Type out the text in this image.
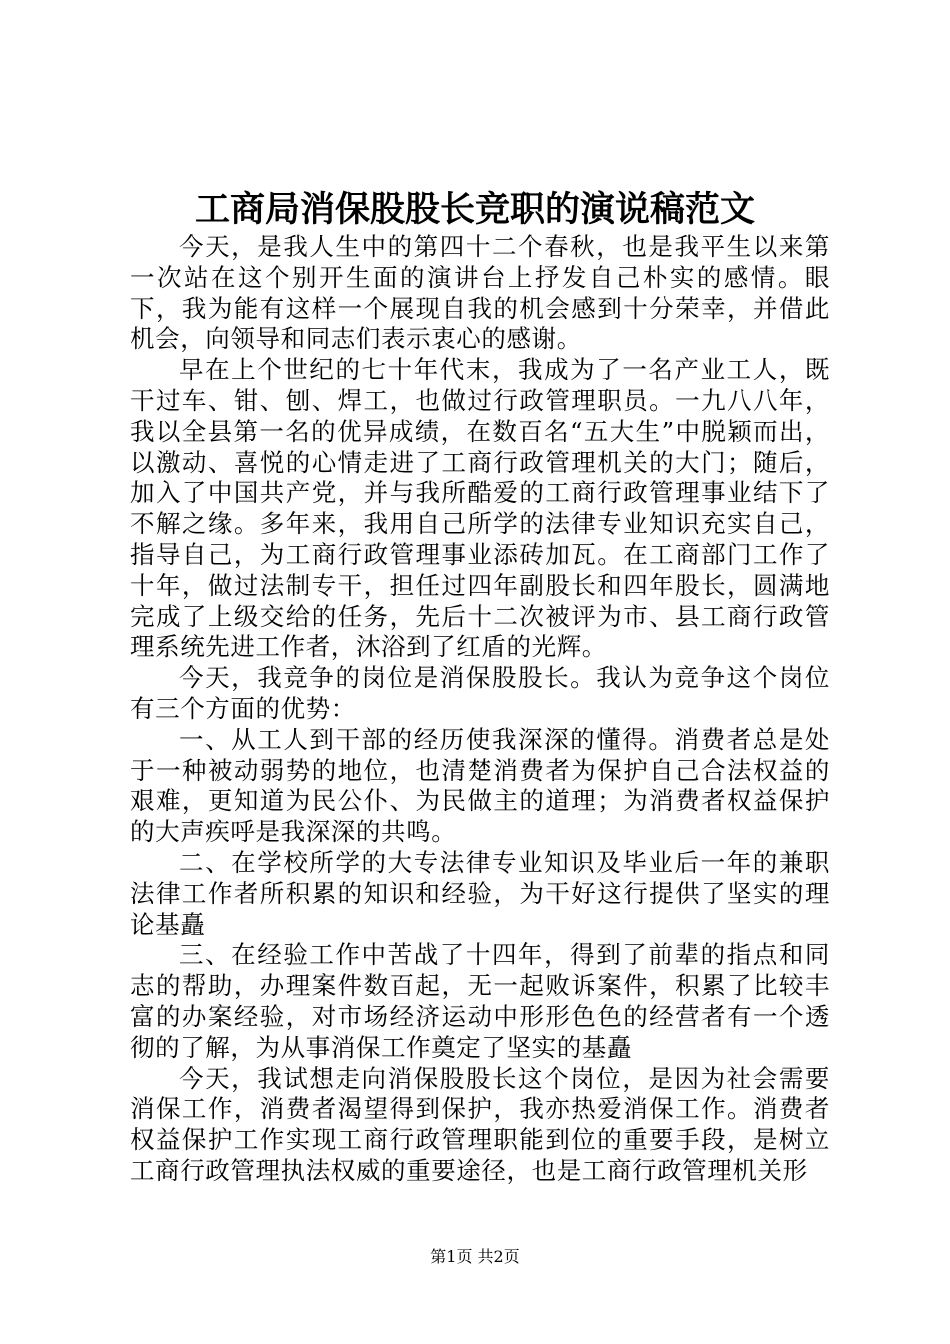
工商局消保股股长竞职的演说稿范文

今天，是我人生中的第四十二个春秋，也是我平生以来第一次站在这个别开生面的演讲台上抒发自己朴实的感情。眼下，我为能有这样一个展现自我的机会感到十分荣幸，并借此机会，向领导和同志们表示衷心的感谢。

早在上个世纪的七十年代末，我成为了一名产业工人，既干过车、钳、刨、焊工，也做过行政管理职员。一九八八年，我以全县第一名的优异成绩，在数百名“五大生”中脱颖而出，以激动、喜悦的心情走进了工商行政管理机关的大门；随后，加入了中国共产党，并与我所酷爱的工商行政管理事业结下了不解之缘。多年来，我用自己所学的法律专业知识充实自己，指导自己，为工商行政管理事业添砖加瓦。在工商部门工作了十年，做过法制专干，担任过四年副股长和四年股长，圆满地完成了上级交给的任务，先后十二次被评为市、县工商行政管理系统先进工作者，沐浴到了红盾的光辉。

今天，我竞争的岗位是消保股股长。我认为竞争这个岗位有三个方面的优势：

一、从工人到干部的经历使我深深的懂得。消费者总是处于一种被动弱势的地位，也清楚消费者为保护自己合法权益的艰难，更知道为民公仆、为民做主的道理；为消费者权益保护的大声疾呼是我深深的共鸣。

二、在学校所学的大专法律专业知识及毕业后一年的兼职法律工作者所积累的知识和经验，为干好这行提供了坚实的理论基矗

三、在经验工作中苦战了十四年，得到了前辈的指点和同志的帮助，办理案件数百起，无一起败诉案件，积累了比较丰富的办案经验，对市场经济运动中形形色色的经营者有一个透彻的了解，为从事消保工作奠定了坚实的基矗

今天，我试想走向消保股股长这个岗位，是因为社会需要消保工作，消费者渴望得到保护，我亦热爱消保工作。消费者权益保护工作实现工商行政管理职能到位的重要手段，是树立工商行政管理执法权威的重要途径，也是工商行政管理机关形

第1页 共2页
